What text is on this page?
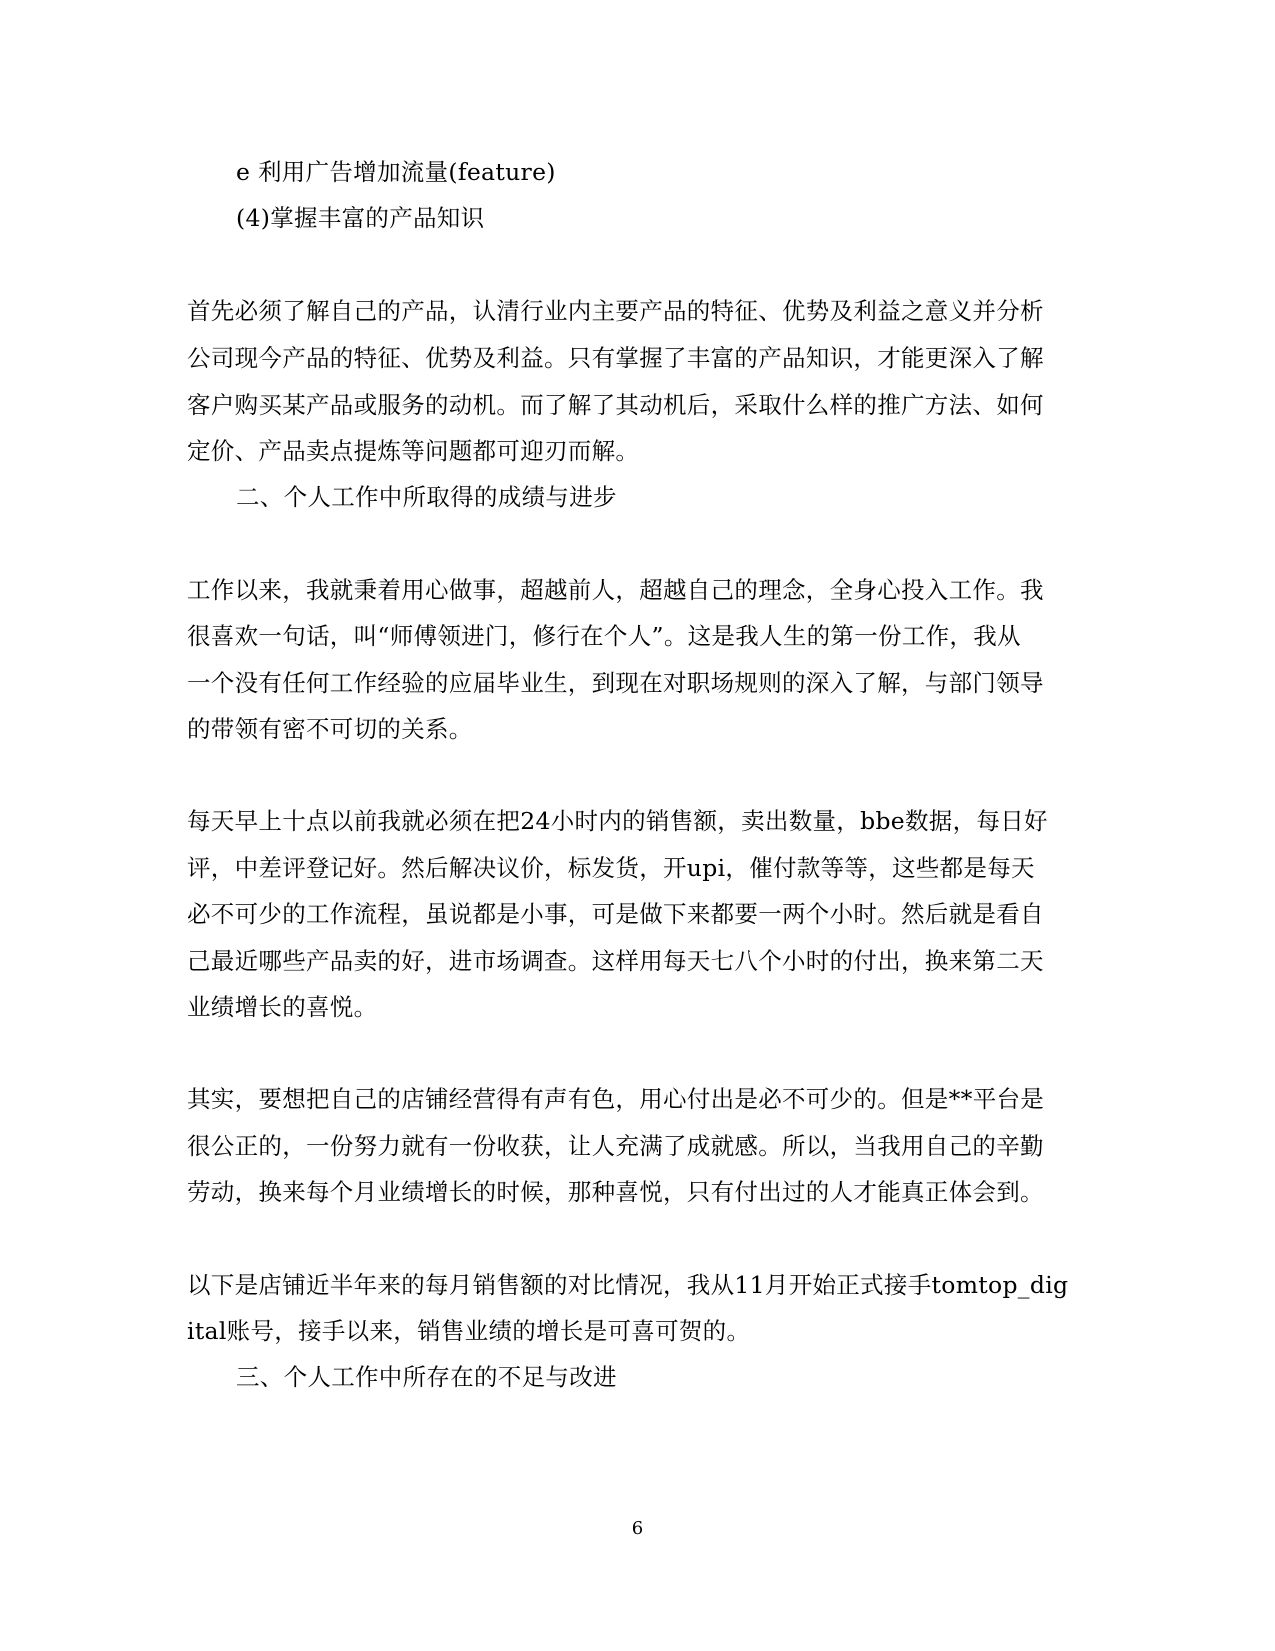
e 利用广告增加流量(feature)
(4)掌握丰富的产品知识
首先必须了解自己的产品，认清行业内主要产品的特征、优势及利益之意义并分析
公司现今产品的特征、优势及利益。只有掌握了丰富的产品知识，才能更深入了解
客户购买某产品或服务的动机。而了解了其动机后，采取什么样的推广方法、如何
定价、产品卖点提炼等问题都可迎刃而解。
二、个人工作中所取得的成绩与进步
工作以来，我就秉着用心做事，超越前人，超越自己的理念，全身心投入工作。我
很喜欢一句话，叫“师傅领进门，修行在个人”。这是我人生的第一份工作，我从
一个没有任何工作经验的应届毕业生，到现在对职场规则的深入了解，与部门领导
的带领有密不可切的关系。
每天早上十点以前我就必须在把24小时内的销售额，卖出数量，bbe数据，每日好
评，中差评登记好。然后解决议价，标发货，开upi，催付款等等，这些都是每天
必不可少的工作流程，虽说都是小事，可是做下来都要一两个小时。然后就是看自
己最近哪些产品卖的好，进市场调查。这样用每天七八个小时的付出，换来第二天
业绩增长的喜悦。
其实，要想把自己的店铺经营得有声有色，用心付出是必不可少的。但是**平台是
很公正的，一份努力就有一份收获，让人充满了成就感。所以，当我用自己的辛勤
劳动，换来每个月业绩增长的时候，那种喜悦，只有付出过的人才能真正体会到。
以下是店铺近半年来的每月销售额的对比情况，我从11月开始正式接手tomtop_dig
ital账号，接手以来，销售业绩的增长是可喜可贺的。
三、个人工作中所存在的不足与改进
6
